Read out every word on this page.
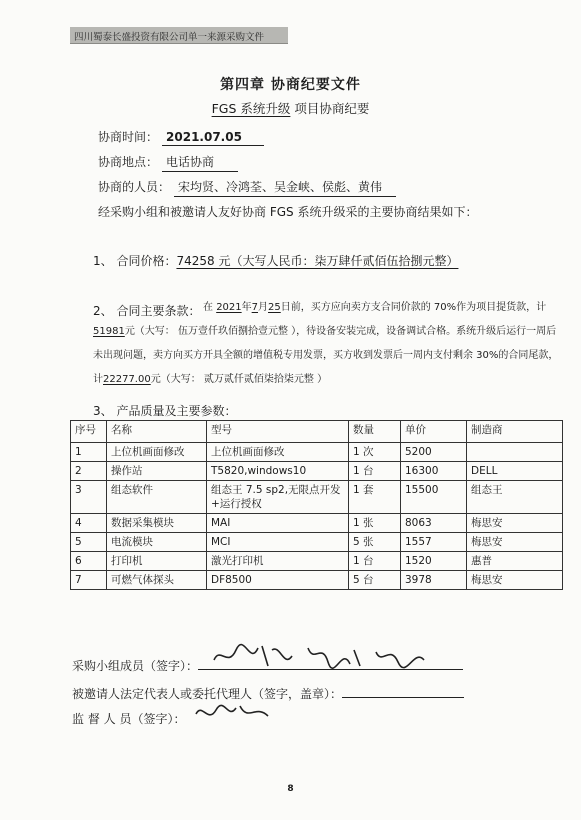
四川蜀泰长盛投资有限公司单一来源采购文件
第四章 协商纪要文件
FGS 系统升级 项目协商纪要
协商时间： 2021.07.05
协商地点： 电话协商
协商的人员： 宋均贤、冷鸿荃、吴金峡、侯彪、黄伟
经采购小组和被邀请人友好协商 FGS 系统升级采的主要协商结果如下：
1、 合同价格：74258 元（大写人民币：柒万肆仟贰佰伍拾捌元整）
2、 合同主要条款： 在 2021年7月25日前，买方应向卖方支合同价款的 70%作为项目提货款，计51981元（大写： 伍万壹仟玖佰捌拾壹元整 ），待设备安装完成，设备调试合格。系统升级后运行一周后未出现问题，卖方向买方开具全额的增值税专用发票，买方收到发票后一周内支付剩余 30%的合同尾款，计22277.00元（大写： 贰万贰仟贰佰柒拾柒元整 ）
3、 产品质量及主要参数：
序号	名称	型号	数量	单价	制造商
1	上位机画面修改	上位机画面修改	1 次	5200	
2	操作站	T5820,windows10	1 台	16300	DELL
3	组态软件	组态王 7.5 sp2,无限点开发+运行授权	1 套	15500	组态王
4	数据采集模块	MAI	1 张	8063	梅思安
5	电流模块	MCI	5 张	1557	梅思安
6	打印机	激光打印机	1 台	1520	惠普
7	可燃气体探头	DF8500	5 台	3978	梅思安
采购小组成员（签字）：
被邀请人法定代表人或委托代理人（签字，盖章）：
监 督 人 员（签字）：
8
